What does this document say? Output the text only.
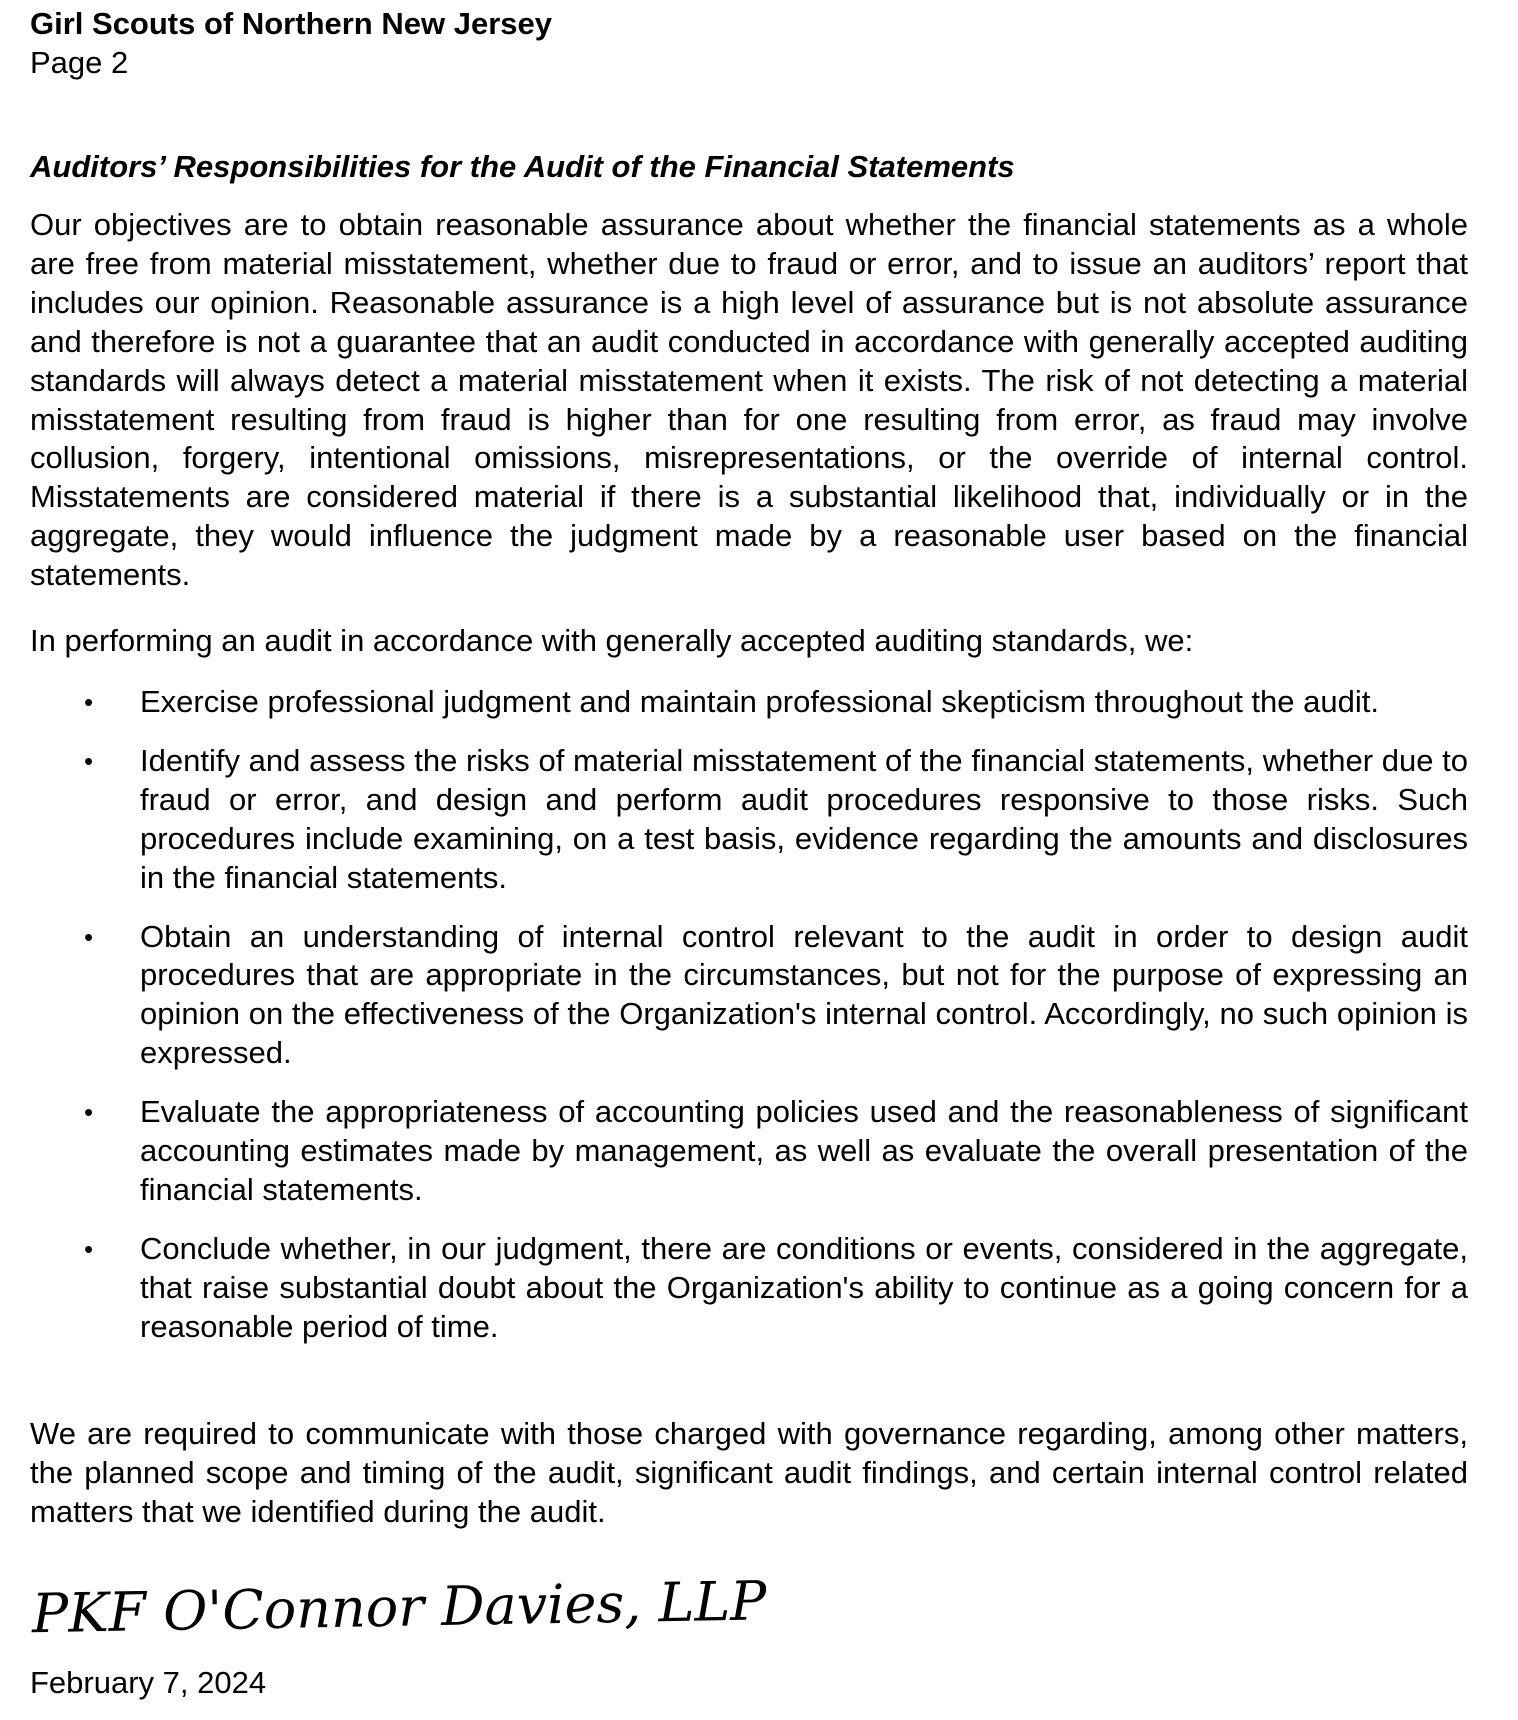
Girl Scouts of Northern New Jersey
Page 2
Auditors’ Responsibilities for the Audit of the Financial Statements

Our objectives are to obtain reasonable assurance about whether the financial statements as a whole are free from material misstatement, whether due to fraud or error, and to issue an auditors’ report that includes our opinion. Reasonable assurance is a high level of assurance but is not absolute assurance and therefore is not a guarantee that an audit conducted in accordance with generally accepted auditing standards will always detect a material misstatement when it exists. The risk of not detecting a material misstatement resulting from fraud is higher than for one resulting from error, as fraud may involve collusion, forgery, intentional omissions, misrepresentations, or the override of internal control. Misstatements are considered material if there is a substantial likelihood that, individually or in the aggregate, they would influence the judgment made by a reasonable user based on the financial statements.

In performing an audit in accordance with generally accepted auditing standards, we:

• Exercise professional judgment and maintain professional skepticism throughout the audit.
• Identify and assess the risks of material misstatement of the financial statements, whether due to fraud or error, and design and perform audit procedures responsive to those risks. Such procedures include examining, on a test basis, evidence regarding the amounts and disclosures in the financial statements.
• Obtain an understanding of internal control relevant to the audit in order to design audit procedures that are appropriate in the circumstances, but not for the purpose of expressing an opinion on the effectiveness of the Organization's internal control. Accordingly, no such opinion is expressed.
• Evaluate the appropriateness of accounting policies used and the reasonableness of significant accounting estimates made by management, as well as evaluate the overall presentation of the financial statements.
• Conclude whether, in our judgment, there are conditions or events, considered in the aggregate, that raise substantial doubt about the Organization's ability to continue as a going concern for a reasonable period of time.

We are required to communicate with those charged with governance regarding, among other matters, the planned scope and timing of the audit, significant audit findings, and certain internal control related matters that we identified during the audit.

PKF O'Connor Davies, LLP
February 7, 2024
